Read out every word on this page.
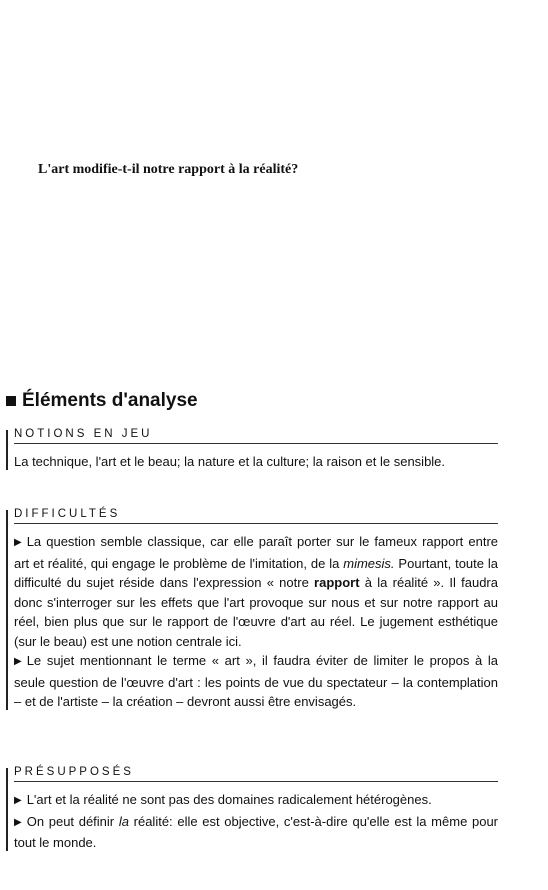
L'art modifie-t-il notre rapport à la réalité?
Éléments d'analyse
NOTIONS EN JEU

La technique, l'art et le beau; la nature et la culture; la raison et le sensible.

DIFFICULTÉS

▶ La question semble classique, car elle paraît porter sur le fameux rapport entre art et réalité, qui engage le problème de l'imitation, de la mimesis. Pourtant, toute la difficulté du sujet réside dans l'expression « notre rapport à la réalité ». Il faudra donc s'interroger sur les effets que l'art provoque sur nous et sur notre rapport au réel, bien plus que sur le rapport de l'œuvre d'art au réel. Le jugement esthétique (sur le beau) est une notion centrale ici.

▶ Le sujet mentionnant le terme « art », il faudra éviter de limiter le propos à la seule question de l'œuvre d'art : les points de vue du spectateur – la contemplation – et de l'artiste – la création – devront aussi être envisagés.

PRÉSUPPOSÉS

▶ L'art et la réalité ne sont pas des domaines radicalement hétérogènes.

▶ On peut définir la réalité: elle est objective, c'est-à-dire qu'elle est la même pour tout le monde.
